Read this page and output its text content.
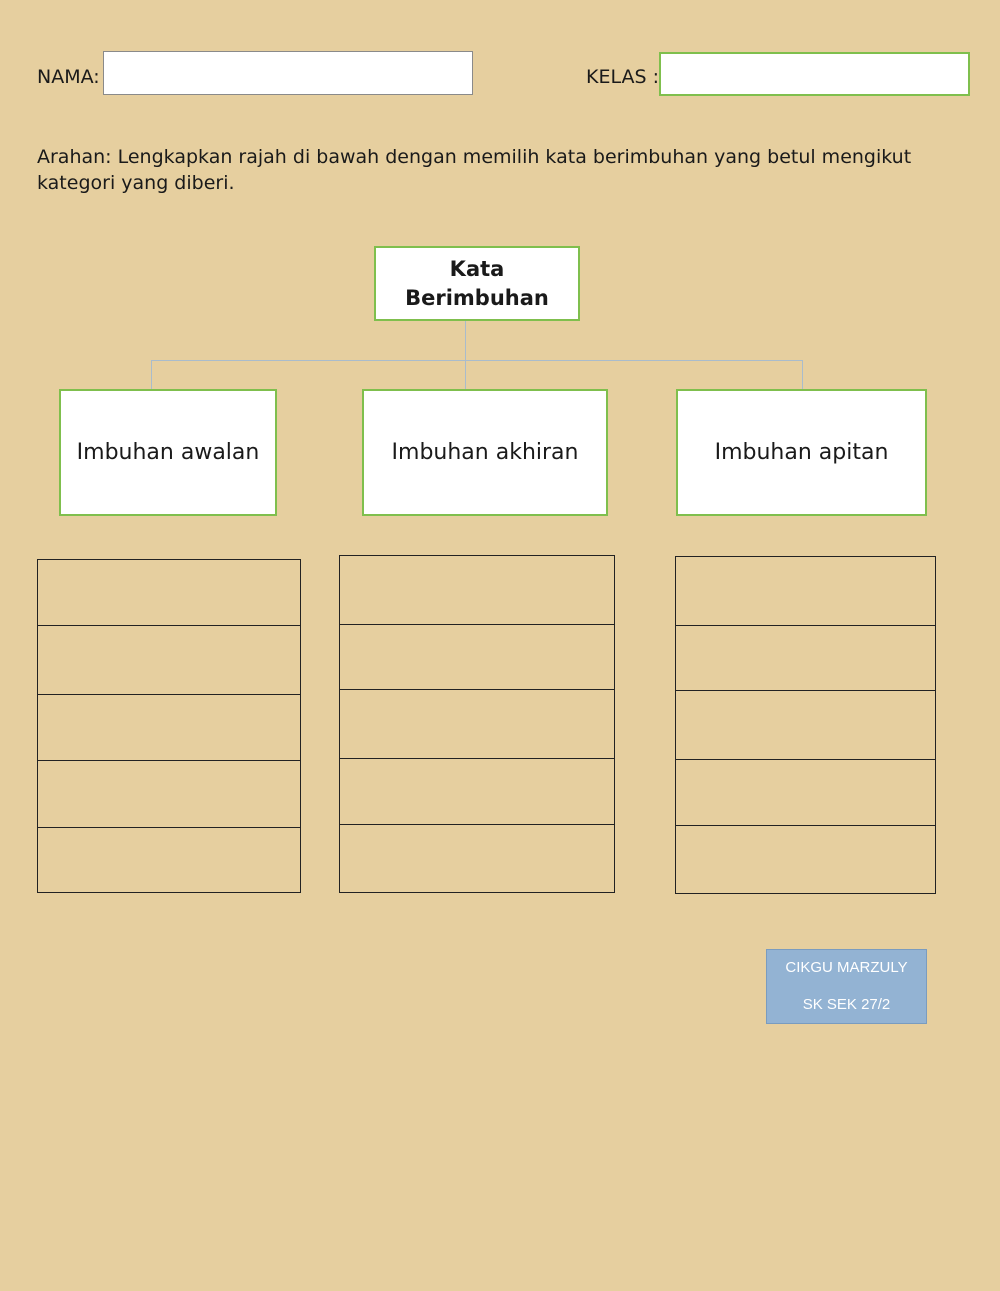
NAMA:	KELAS :
Arahan: Lengkapkan rajah di bawah dengan memilih kata berimbuhan yang betul mengikut kategori yang diberi.
Kata
Berimbuhan
Imbuhan awalan	Imbuhan akhiran	Imbuhan apitan
CIKGU MARZULY
SK SEK 27/2
